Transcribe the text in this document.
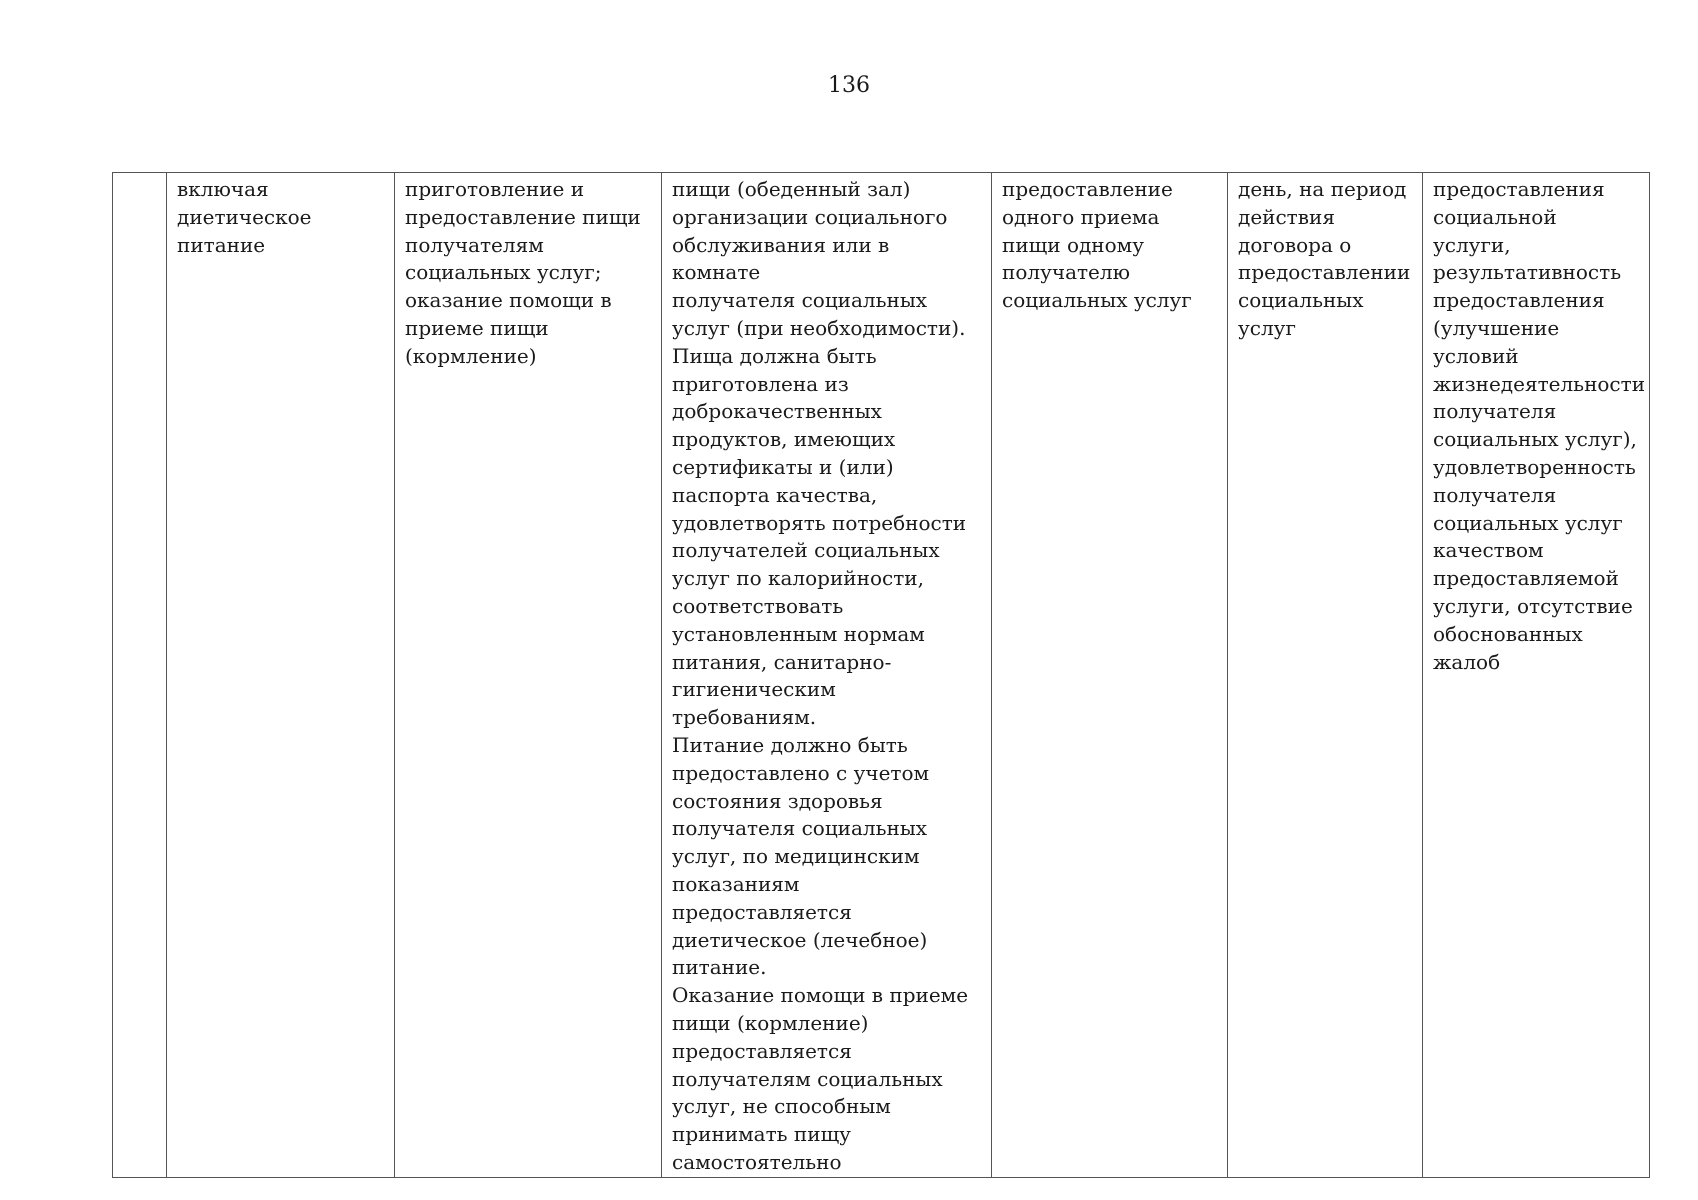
136
	включая
диетическое
питание	приготовление и
предоставление пищи
получателям
социальных услуг;
оказание помощи в
приеме пищи
(кормление)	пищи (обеденный зал)
организации социального
обслуживания или в комнате
получателя социальных
услуг (при необходимости).
Пища должна быть
приготовлена из
доброкачественных
продуктов, имеющих
сертификаты и (или)
паспорта качества,
удовлетворять потребности
получателей социальных
услуг по калорийности,
соответствовать
установленным нормам
питания, санитарно-
гигиеническим требованиям.
Питание должно быть
предоставлено с учетом
состояния здоровья
получателя социальных
услуг, по медицинским
показаниям предоставляется
диетическое (лечебное)
питание.
Оказание помощи в приеме
пищи (кормление)
предоставляется
получателям социальных
услуг, не способным
принимать пищу
самостоятельно	предоставление
одного приема
пищи одному
получателю
социальных услуг	день, на период
действия
договора о
предоставлении
социальных
услуг	предоставления
социальной услуги,
результативность
предоставления
(улучшение
условий
жизнедеятельности
получателя
социальных услуг),
удовлетворенность
получателя
социальных услуг
качеством
предоставляемой
услуги, отсутствие
обоснованных
жалоб
